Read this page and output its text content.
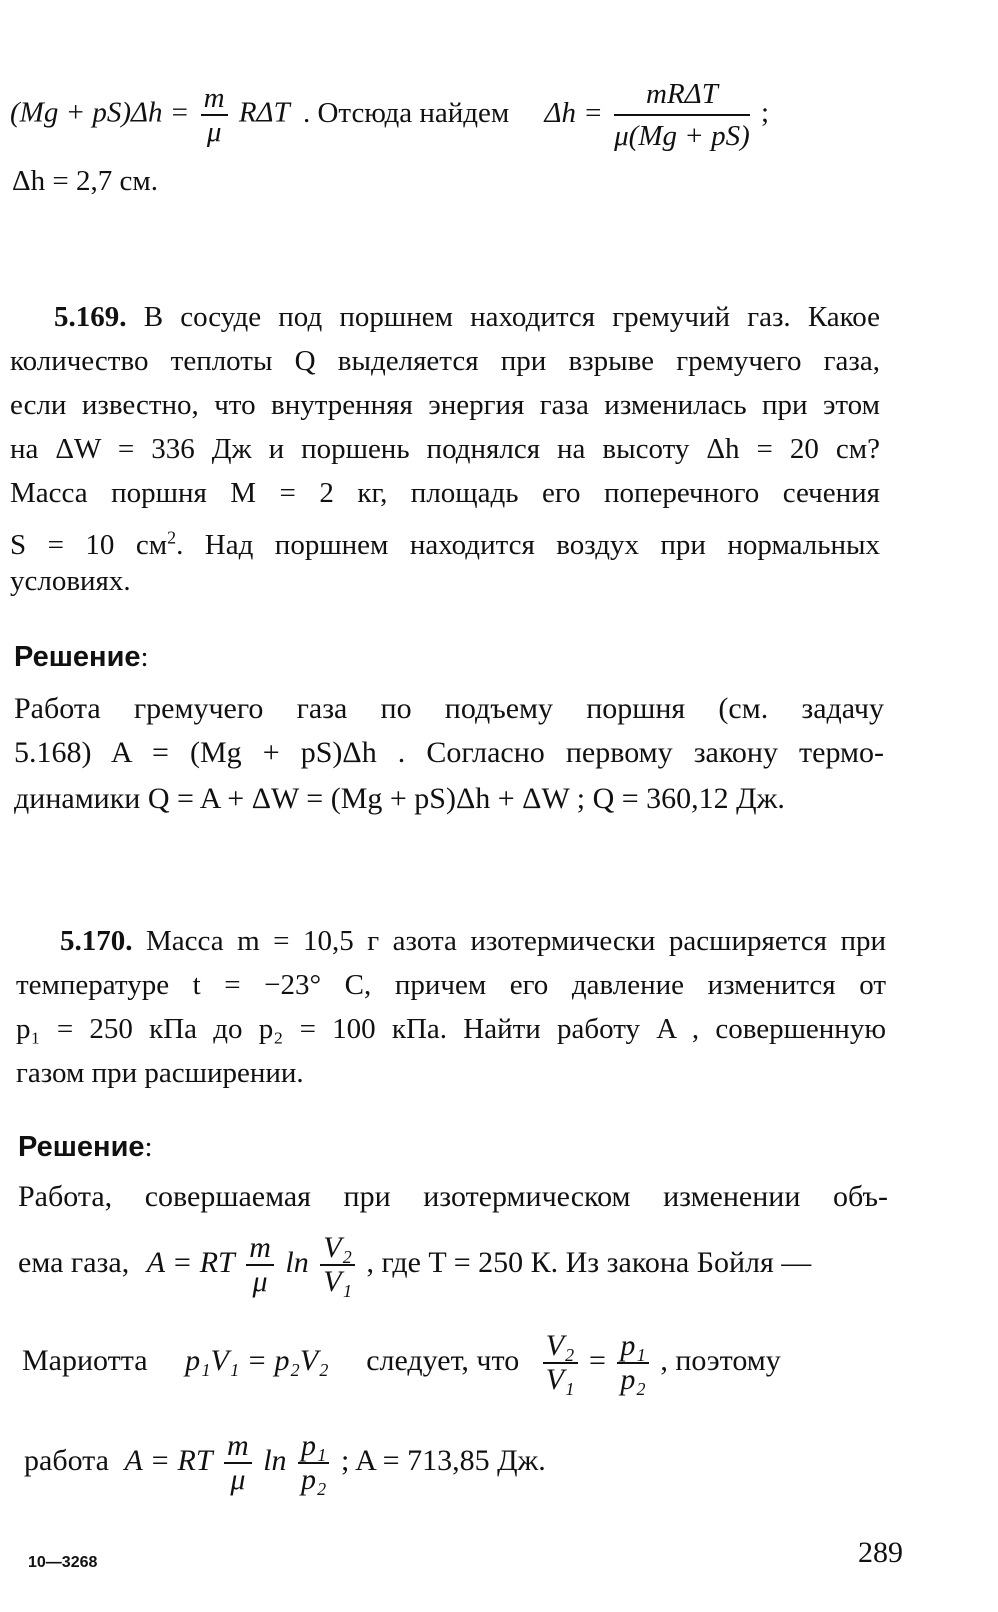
$(Mg + pS)\Delta h = \frac{m}{\mu}$ RΔT . Отсюда найдем $\Delta h = \frac{\text{mRΔT}}{\mu(Mg + pS)}$ ;
Δh = 2,7 см.
5.169. В сосуде под поршнем находится гремучий газ. Какое
количество теплоты Q выделяется при взрыве гремучего газа,
если известно, что внутренняя энергия газа изменилась при этом
на ΔW = 336 Дж и поршень поднялся на высоту Δh = 20 см?
Масса поршня M = 2 кг, площадь его поперечного сечения
S = 10 $см^2$. Над поршнем находится воздух при нормальных
условиях.
Решение:
Работа гремучего газа по подъему поршня (см. задачу
5.168) A = (Mg + pS)Δh . Согласно первому закону термо-
динамики Q = A + ΔW = (Mg + pS)Δh + ΔW ; Q = 360,12 Дж.
5.170. Масса m = 10,5 г азота изотермически расширяется при
температуре t = −23° С, причем его давление изменится от
p₁ = 250 кПа до p₂ = 100 кПа. Найти работу A , совершенную
газом при расширении.
Решение:
Работа, совершаемая при изотермическом изменении объ-
ема газа, A = RT $\frac{m}{\mu}$ $\ln \frac{\text{V₂}}{\text{V₁}}$ , где T = 250 К. Из закона Бойля —
Мариотта p₁V₁ = p₂V₂ следует, что $\frac{\text{V₂}}{\text{V₁}} = \frac{\text{p₁}}{\text{p₂}}$ , поэтому
работа A = RT $\frac{m}{\mu}$ $\ln \frac{\text{p₁}}{\text{p₂}}$ ; A = 713,85 Дж.
10—3268	289
